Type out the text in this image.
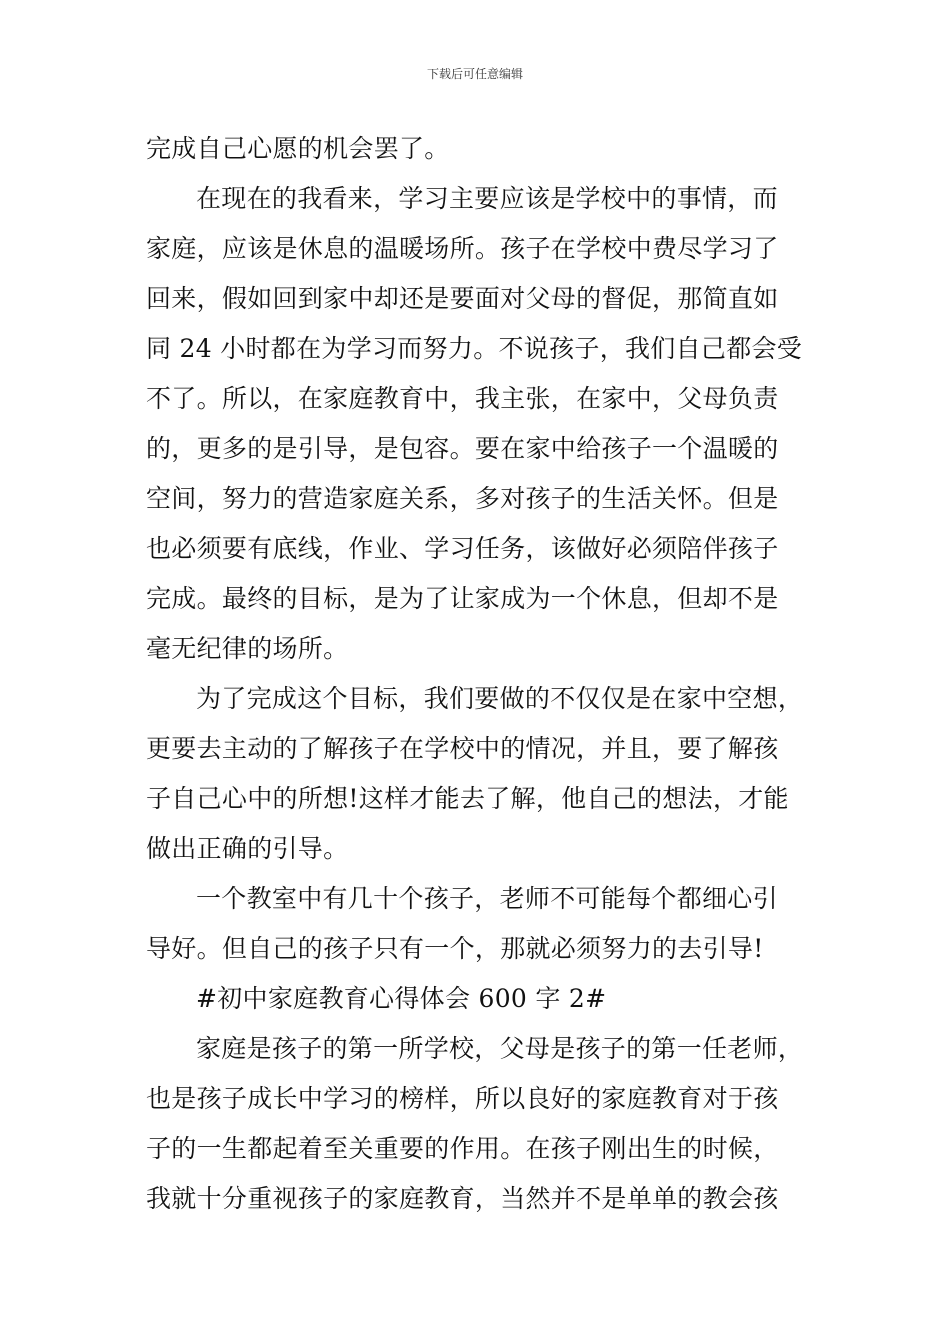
下载后可任意编辑
完成自己心愿的机会罢了。
在现在的我看来，学习主要应该是学校中的事情，而
家庭，应该是休息的温暖场所。孩子在学校中费尽学习了
回来，假如回到家中却还是要面对父母的督促，那简直如
同 24 小时都在为学习而努力。不说孩子，我们自己都会受
不了。所以，在家庭教育中，我主张，在家中，父母负责
的，更多的是引导，是包容。要在家中给孩子一个温暖的
空间，努力的营造家庭关系，多对孩子的生活关怀。但是
也必须要有底线，作业、学习任务，该做好必须陪伴孩子
完成。最终的目标，是为了让家成为一个休息，但却不是
毫无纪律的场所。
为了完成这个目标，我们要做的不仅仅是在家中空想，
更要去主动的了解孩子在学校中的情况，并且，要了解孩
子自己心中的所想!这样才能去了解，他自己的想法，才能
做出正确的引导。
一个教室中有几十个孩子，老师不可能每个都细心引
导好。但自己的孩子只有一个，那就必须努力的去引导!
#初中家庭教育心得体会 600 字 2#
家庭是孩子的第一所学校，父母是孩子的第一任老师，
也是孩子成长中学习的榜样，所以良好的家庭教育对于孩
子的一生都起着至关重要的作用。在孩子刚出生的时候，
我就十分重视孩子的家庭教育，当然并不是单单的教会孩
